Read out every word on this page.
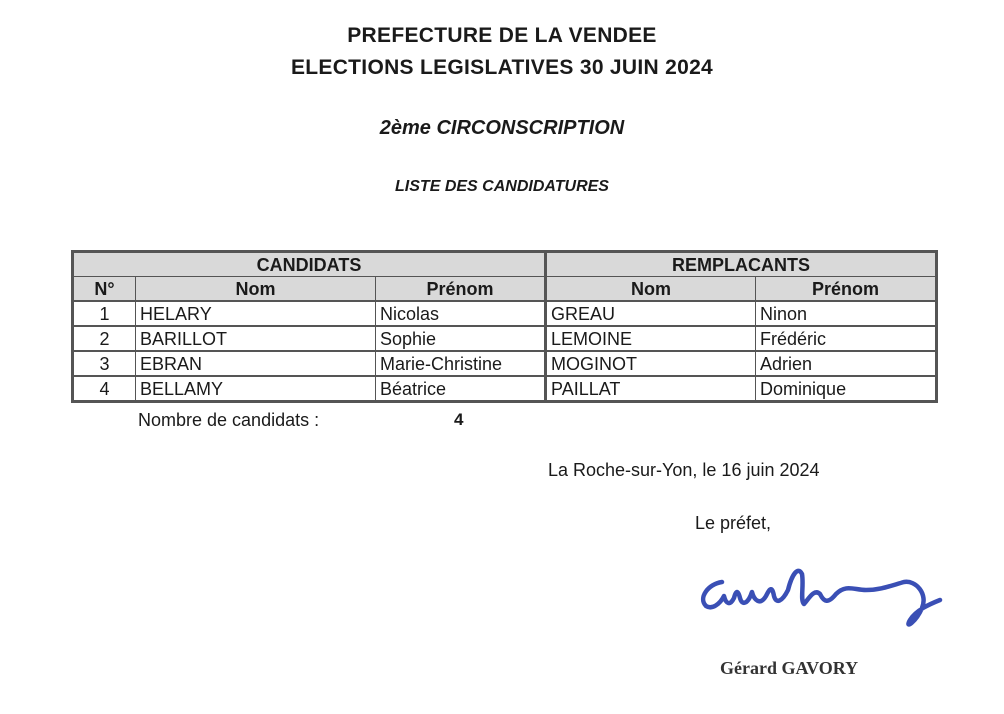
PREFECTURE DE LA VENDEE
ELECTIONS LEGISLATIVES 30 JUIN 2024
2ème CIRCONSCRIPTION
LISTE DES CANDIDATURES
CANDIDATS			REMPLACANTS	
N°	Nom	Prénom	Nom	Prénom
1	HELARY	Nicolas	GREAU	Ninon
2	BARILLOT	Sophie	LEMOINE	Frédéric
3	EBRAN	Marie-Christine	MOGINOT	Adrien
4	BELLAMY	Béatrice	PAILLAT	Dominique
Nombre de candidats :	4
La Roche-sur-Yon, le 16 juin 2024
Le préfet,
Gérard GAVORY
